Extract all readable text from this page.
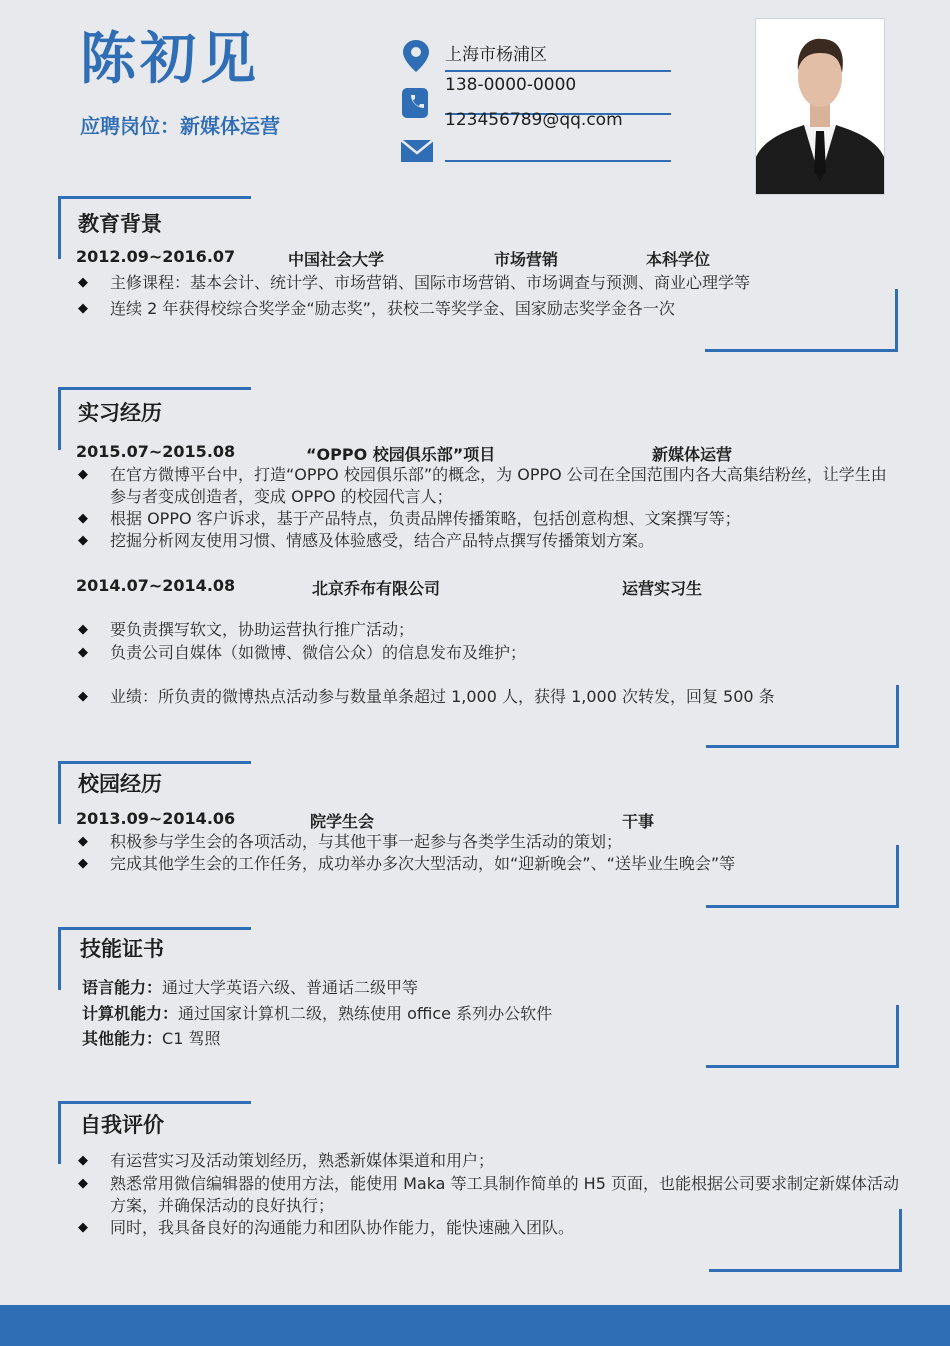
陈初见
应聘岗位：新媒体运营
上海市杨浦区
138-0000-0000
123456789@qq.com
教育背景
2012.09~2016.07	中国社会大学	市场营销	本科学位
◆ 主修课程：基本会计、统计学、市场营销、国际市场营销、市场调查与预测、商业心理学等
◆ 连续 2 年获得校综合奖学金“励志奖”，获校二等奖学金、国家励志奖学金各一次
实习经历
2015.07~2015.08	“OPPO 校园俱乐部”项目	新媒体运营
◆ 在官方微博平台中，打造“OPPO 校园俱乐部”的概念，为 OPPO 公司在全国范围内各大高集结粉丝，让学生由参与者变成创造者，变成 OPPO 的校园代言人；
◆ 根据 OPPO 客户诉求，基于产品特点，负责品牌传播策略，包括创意构想、文案撰写等；
◆ 挖掘分析网友使用习惯、情感及体验感受，结合产品特点撰写传播策划方案。
2014.07~2014.08	北京乔布有限公司	运营实习生
◆ 要负责撰写软文，协助运营执行推广活动；
◆ 负责公司自媒体（如微博、微信公众）的信息发布及维护；
◆ 业绩：所负责的微博热点活动参与数量单条超过 1,000 人，获得 1,000 次转发，回复 500 条
校园经历
2013.09~2014.06	院学生会	干事
◆ 积极参与学生会的各项活动，与其他干事一起参与各类学生活动的策划；
◆ 完成其他学生会的工作任务，成功举办多次大型活动，如“迎新晚会”、“送毕业生晚会”等
技能证书
语言能力：通过大学英语六级、普通话二级甲等
计算机能力：通过国家计算机二级，熟练使用 office 系列办公软件
其他能力：C1 驾照
自我评价
◆ 有运营实习及活动策划经历，熟悉新媒体渠道和用户；
◆ 熟悉常用微信编辑器的使用方法，能使用 Maka 等工具制作简单的 H5 页面，也能根据公司要求制定新媒体活动方案，并确保活动的良好执行；
◆ 同时，我具备良好的沟通能力和团队协作能力，能快速融入团队。
